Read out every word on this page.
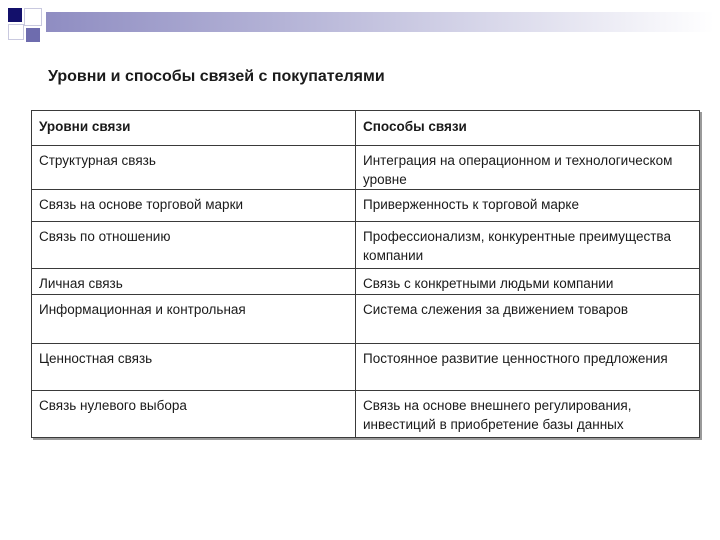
Уровни и способы связей с покупателями
Уровни связи	Способы связи
Структурная связь	Интеграция на операционном и технологическом уровне
Связь на основе торговой марки	Приверженность к торговой марке
Связь по отношению	Профессионализм, конкурентные преимущества компании
Личная связь	Связь с конкретными людьми компании
Информационная и контрольная	Система слежения за движением товаров
Ценностная связь	Постоянное развитие ценностного предложения
Связь нулевого выбора	Связь на основе внешнего регулирования, инвестиций в приобретение базы данных
